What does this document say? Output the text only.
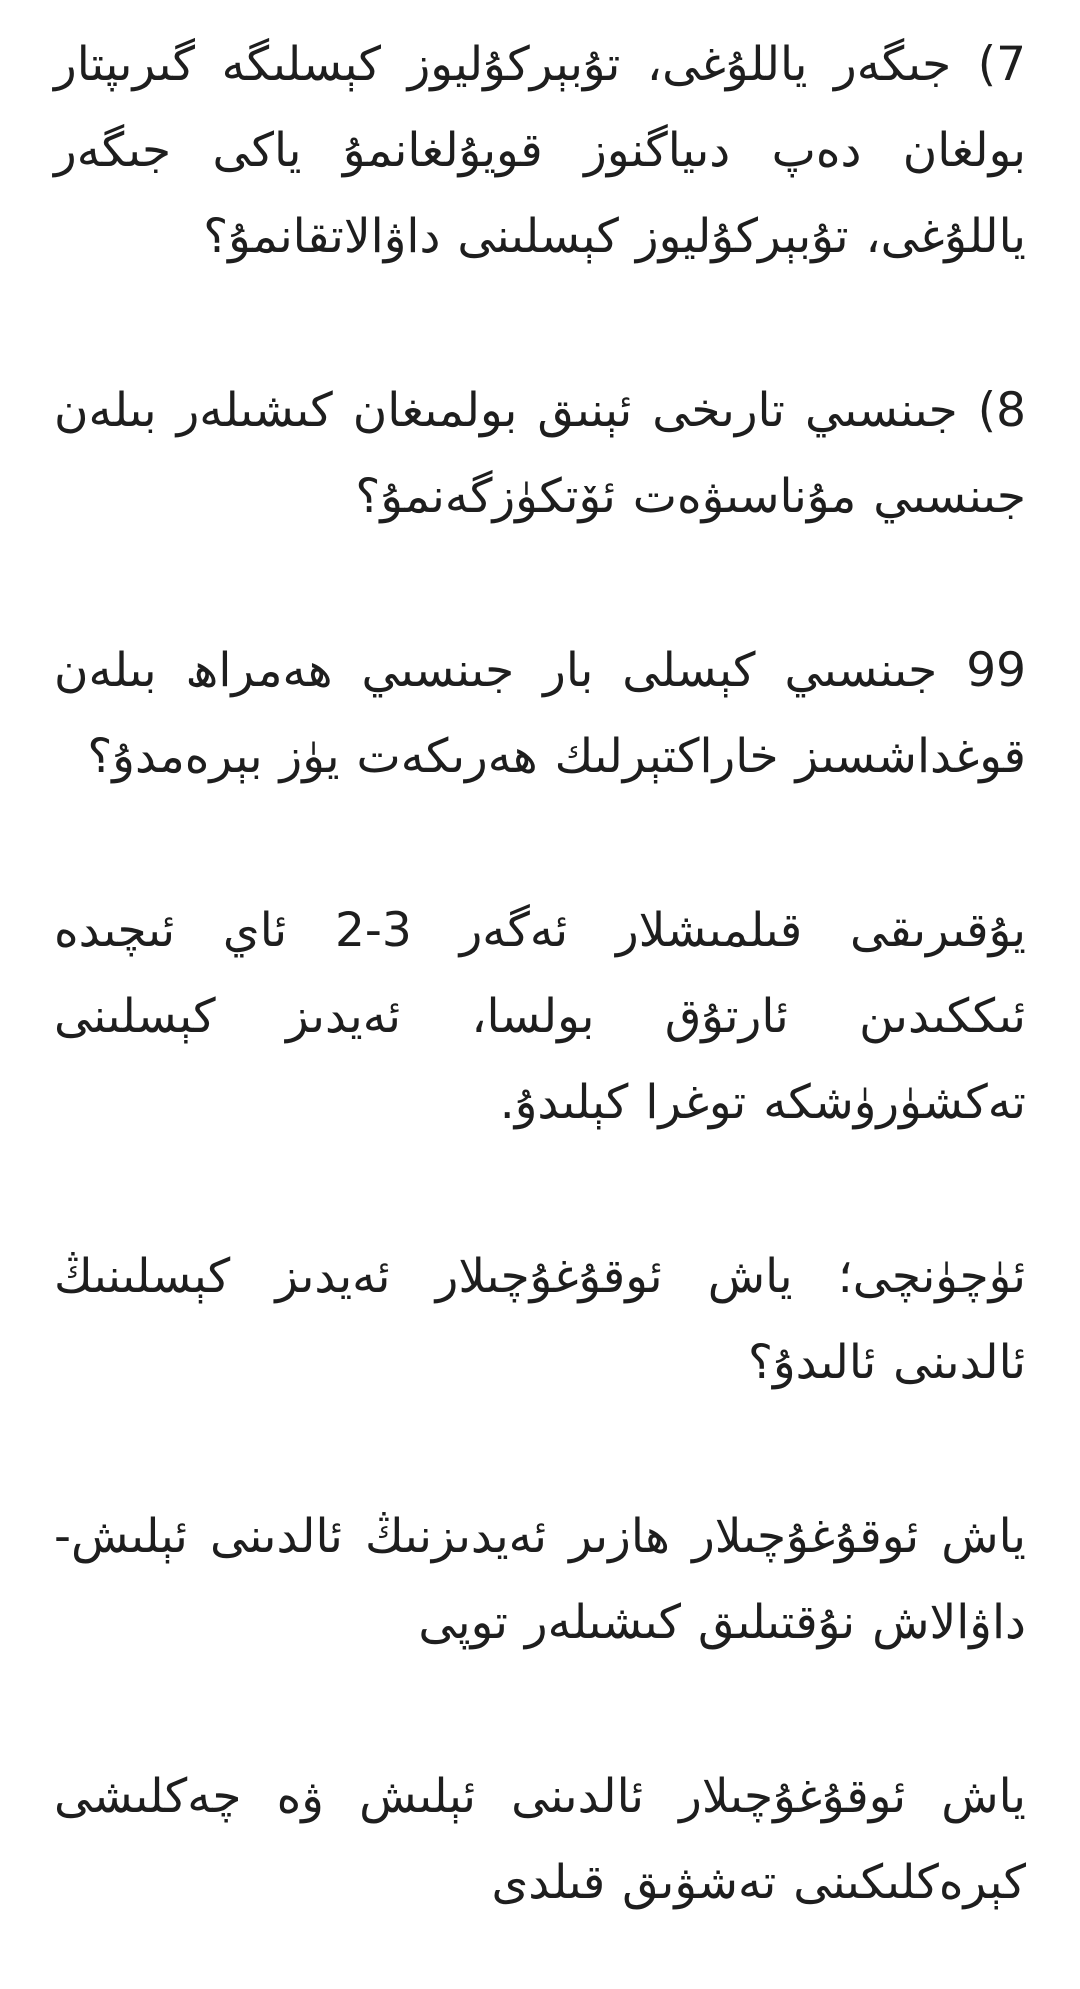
7) جىگەر ياللۇغى، تۇبېركۇليوز كېسلىگە گىرىپتار بولغان دەپ دىياگنوز قويۇلغانمۇ ياكى جىگەر ياللۇغى، تۇبېركۇليوز كېسلىنى داۋالاتقانمۇ؟

8) جىنسىي تارىخى ئېنىق بولمىغان كىشىلەر بىلەن جىنسىي مۇناسىۋەت ئۆتكۈزگەنمۇ؟

99 جىنسىي كېسلى بار جىنسىي ھەمراھ بىلەن قوغداشسىز خاراكتېرلىك ھەرىكەت يۈز بېرەمدۇ؟

يۇقىرىقى قىلمىشلار ئەگەر 3-2 ئاي ئىچىدە ئىككىدىن ئارتۇق بولسا، ئەيدىز كېسلىنى تەكشۈرۈشكە توغرا كېلىدۇ.

ئۈچۈنچى؛ ياش ئوقۇغۇچىلار ئەيدىز كېسلىنىڭ ئالدىنى ئالىدۇ؟

ياش ئوقۇغۇچىلار ھازىر ئەيدىزنىڭ ئالدىنى ئېلىش-داۋالاش نۇقتىلىق كىشىلەر توپى

ياش ئوقۇغۇچىلار ئالدىنى ئېلىش ۋە چەكلىشى كېرەكلىكىنى تەشۋىق قىلدى
